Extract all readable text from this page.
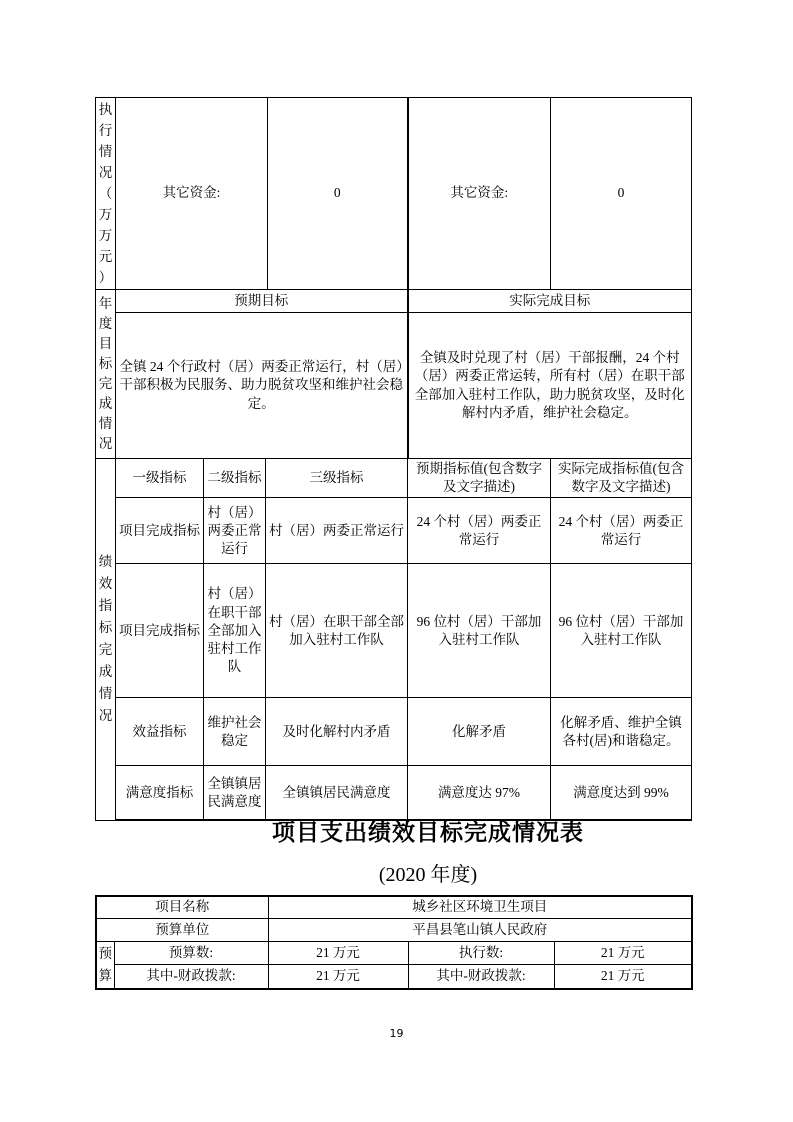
执行情况（万万元）	其它资金:	0	其它资金:	0
年度目标完成情况	预期目标	实际完成目标
	全镇 24 个行政村（居）两委正常运行，村（居）干部积极为民服务、助力脱贫攻坚和维护社会稳定。	全镇及时兑现了村（居）干部报酬，24 个村（居）两委正常运转，所有村（居）在职干部全部加入驻村工作队，助力脱贫攻坚，及时化解村内矛盾，维护社会稳定。
绩效指标完成情况	一级指标	二级指标	三级指标	预期指标值(包含数字及文字描述)	实际完成指标值(包含数字及文字描述)
	项目完成指标	村（居）两委正常运行	村（居）两委正常运行	24 个村（居）两委正常运行	24 个村（居）两委正常运行
	项目完成指标	村（居）在职干部全部加入驻村工作队	村（居）在职干部全部加入驻村工作队	96 位村（居）干部加入驻村工作队	96 位村（居）干部加入驻村工作队
	效益指标	维护社会稳定	及时化解村内矛盾	化解矛盾	化解矛盾、维护全镇各村(居)和谐稳定。
	满意度指标	全镇镇居民满意度	全镇镇居民满意度	满意度达 97%	满意度达到 99%
项目支出绩效目标完成情况表
(2020 年度)
项目名称		城乡社区环境卫生项目		
预算单位		平昌县笔山镇人民政府		
预算	预算数:	21 万元	执行数:	21 万元
	其中-财政拨款:	21 万元	其中-财政拨款:	21 万元
19
